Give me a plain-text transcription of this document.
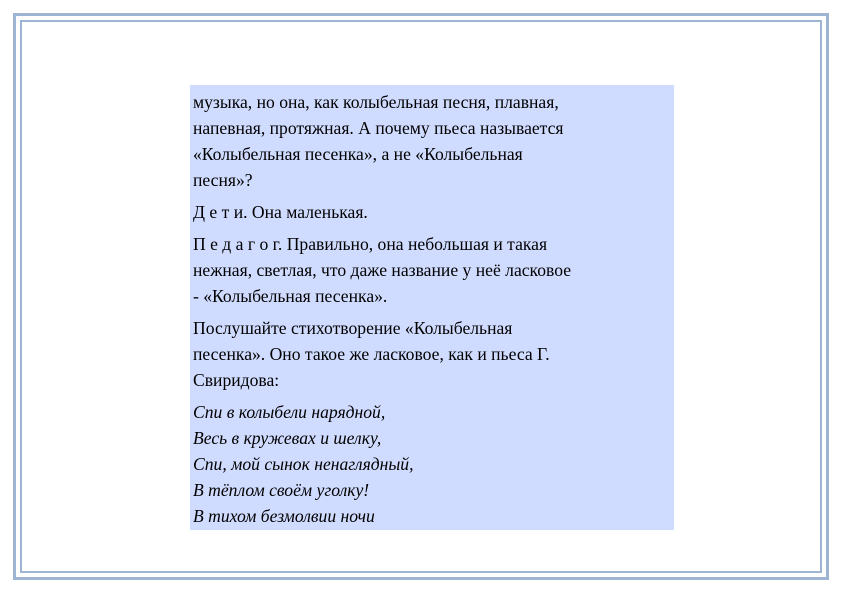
музыка, но она, как колыбельная песня, плавная,
напевная, протяжная. А почему пьеса называется
«Колыбельная песенка», а не «Колыбельная
песня»?

Д е т и. Она маленькая.

П е д а г о г. Правильно, она небольшая и такая
нежная, светлая, что даже название у неё ласковое
- «Колыбельная песенка».

Послушайте стихотворение «Колыбельная
песенка». Оно такое же ласковое, как и пьеса Г.
Свиридова:

Спи в колыбели нарядной,
Весь в кружевах и шелку,
Спи, мой сынок ненаглядный,
В тёплом своём уголку!
В тихом безмолвии ночи
